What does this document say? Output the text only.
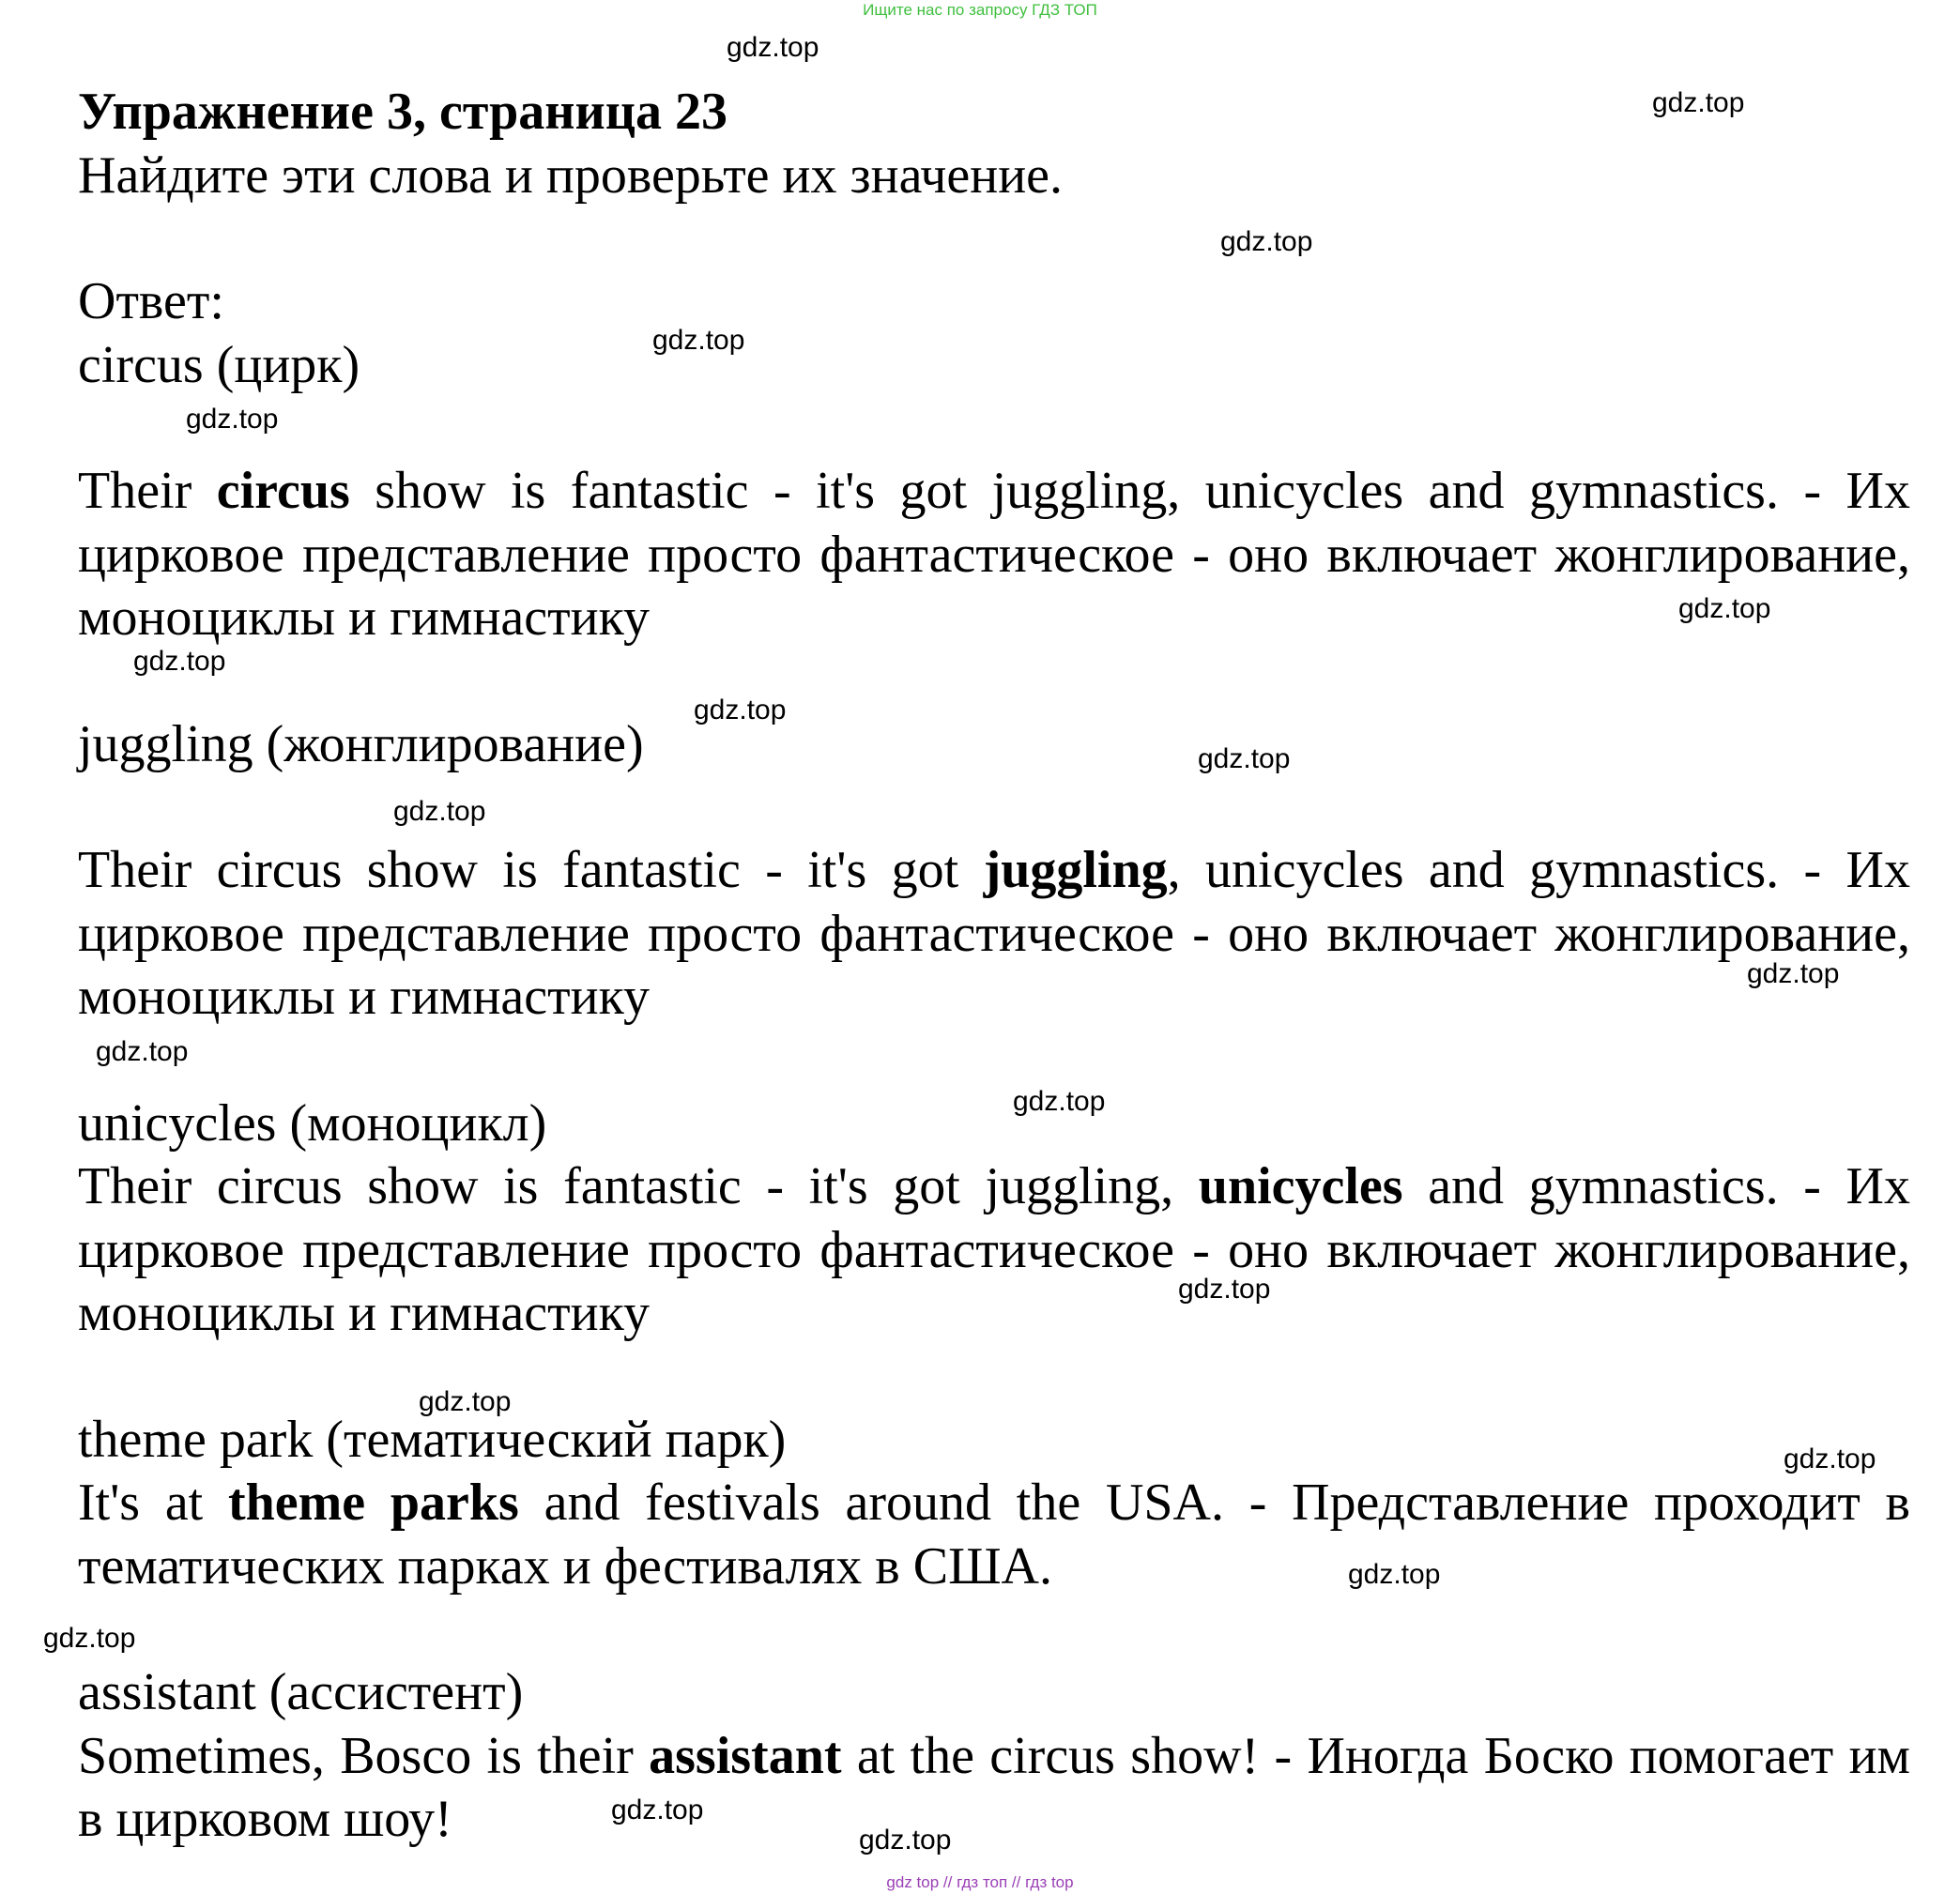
Ищите нас по запросу ГДЗ ТОП
Упражнение 3, страница 23
Найдите эти слова и проверьте их значение.
Ответ:
circus (цирк)
Their circus show is fantastic - it's got juggling, unicycles and gymnastics. - Их цирковое представление просто фантастическое - оно включает жонглирование, моноциклы и гимнастику
juggling (жонглирование)
Their circus show is fantastic - it's got juggling, unicycles and gymnastics. - Их цирковое представление просто фантастическое - оно включает жонглирование, моноциклы и гимнастику
unicycles (моноцикл)
Their circus show is fantastic - it's got juggling, unicycles and gymnastics. - Их цирковое представление просто фантастическое - оно включает жонглирование, моноциклы и гимнастику
theme park (тематический парк)
It's at theme parks and festivals around the USA. - Представление проходит в тематических парках и фестивалях в США.
assistant (ассистент)
Sometimes, Bosco is their assistant at the circus show! - Иногда Боско помогает им в цирковом шоу!
gdz.top
gdz.top
gdz.top
gdz.top
gdz.top
gdz.top
gdz.top
gdz.top
gdz.top
gdz.top
gdz.top
gdz.top
gdz.top
gdz.top
gdz.top
gdz.top
gdz.top
gdz.top
gdz.top
gdz.top
gdz top // гдз топ // гдз top
